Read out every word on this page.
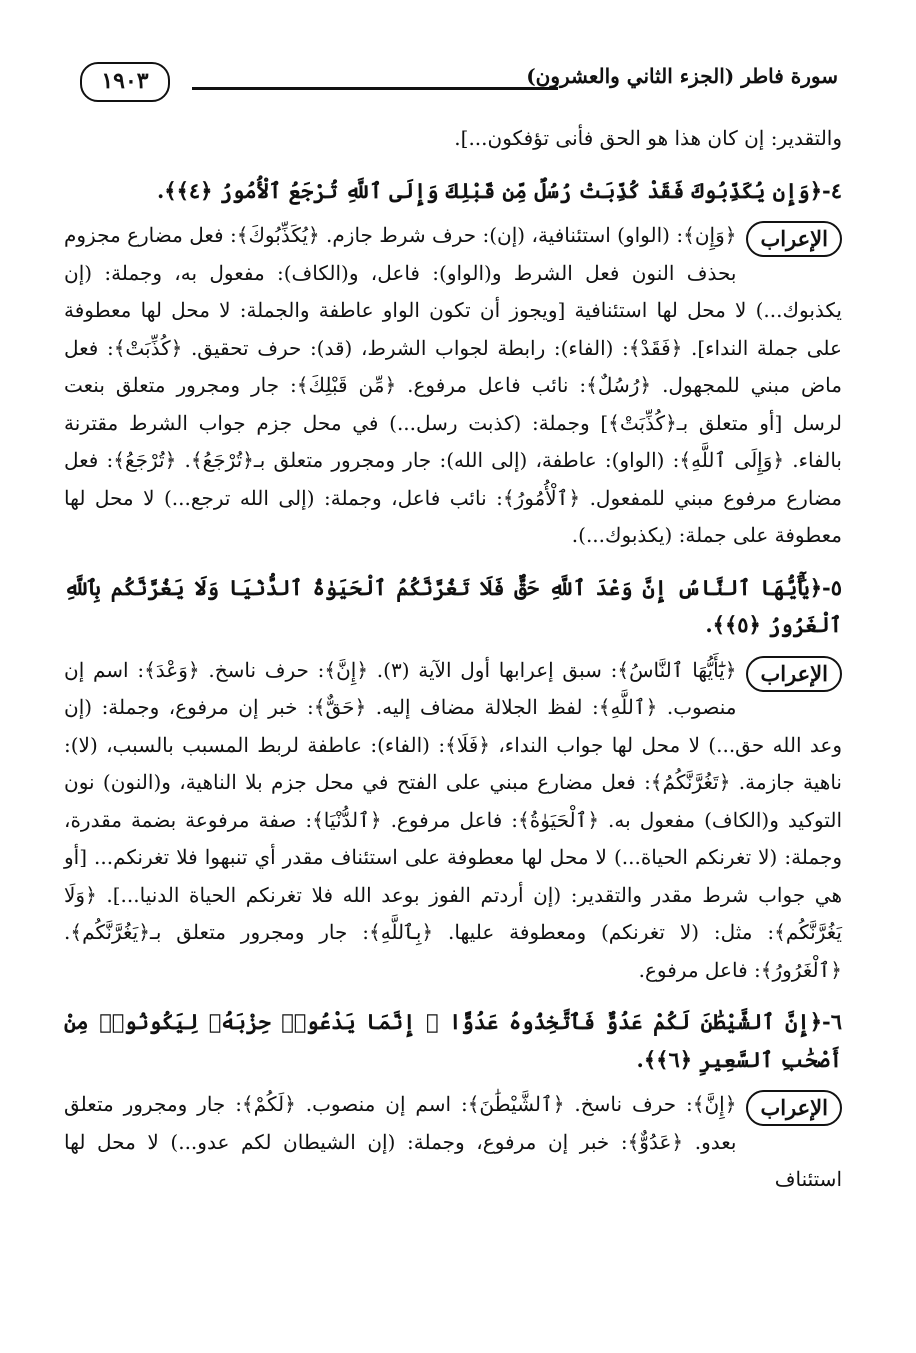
١٩٠٣	سورة فاطر (الجزء الثاني والعشرون)

والتقدير: إن كان هذا هو الحق فأنى تؤفكون...].

٤-﴿وَإِن يُكَذِّبُوكَ فَقَدْ كُذِّبَتْ رُسُلٌ مِّن قَبْلِكَ وَإِلَى ٱللَّهِ تُرْجَعُ ٱلْأُمُورُ ﴿٤﴾﴾.

الإعراب
﴿وَإِن﴾: (الواو) استئنافية، (إن): حرف شرط جازم. ﴿يُكَذِّبُوكَ﴾: فعل مضارع مجزوم بحذف النون فعل الشرط و(الواو): فاعل، و(الكاف): مفعول به، وجملة: (إن يكذبوك...) لا محل لها استئنافية [ويجوز أن تكون الواو عاطفة والجملة: لا محل لها معطوفة على جملة النداء]. ﴿فَقَدْ﴾: (الفاء): رابطة لجواب الشرط، (قد): حرف تحقيق. ﴿كُذِّبَتْ﴾: فعل ماض مبني للمجهول. ﴿رُسُلٌ﴾: نائب فاعل مرفوع. ﴿مِّن قَبْلِكَ﴾: جار ومجرور متعلق بنعت لرسل [أو متعلق بـ﴿كُذِّبَتْ﴾] وجملة: (كذبت رسل...) في محل جزم جواب الشرط مقترنة بالفاء. ﴿وَإِلَى ٱللَّهِ﴾: (الواو): عاطفة، (إلى الله): جار ومجرور متعلق بـ﴿تُرْجَعُ﴾. ﴿تُرْجَعُ﴾: فعل مضارع مرفوع مبني للمفعول. ﴿ٱلْأُمُورُ﴾: نائب فاعل، وجملة: (إلى الله ترجع...) لا محل لها معطوفة على جملة: (يكذبوك...).

٥-﴿يَٰٓأَيُّهَا ٱلنَّاسُ إِنَّ وَعْدَ ٱللَّهِ حَقٌّ فَلَا تَغُرَّنَّكُمُ ٱلْحَيَوٰةُ ٱلدُّنْيَا وَلَا يَغُرَّنَّكُم بِٱللَّهِ ٱلْغَرُورُ ﴿٥﴾﴾.

الإعراب
﴿يَٰٓأَيُّهَا ٱلنَّاسُ﴾: سبق إعرابها أول الآية (٣). ﴿إِنَّ﴾: حرف ناسخ. ﴿وَعْدَ﴾: اسم إن منصوب. ﴿ٱللَّهِ﴾: لفظ الجلالة مضاف إليه. ﴿حَقٌّ﴾: خبر إن مرفوع، وجملة: (إن وعد الله حق...) لا محل لها جواب النداء، ﴿فَلَا﴾: (الفاء): عاطفة لربط المسبب بالسبب، (لا): ناهية جازمة. ﴿تَغُرَّنَّكُمُ﴾: فعل مضارع مبني على الفتح في محل جزم بلا الناهية، و(النون) نون التوكيد و(الكاف) مفعول به. ﴿ٱلْحَيَوٰةُ﴾: فاعل مرفوع. ﴿ٱلدُّنْيَا﴾: صفة مرفوعة بضمة مقدرة، وجملة: (لا تغرنكم الحياة...) لا محل لها معطوفة على استئناف مقدر أي تنبهوا فلا تغرنكم... [أو هي جواب شرط مقدر والتقدير: (إن أردتم الفوز بوعد الله فلا تغرنكم الحياة الدنيا...]. ﴿وَلَا يَغُرَّنَّكُم﴾: مثل: (لا تغرنكم) ومعطوفة عليها. ﴿بِٱللَّهِ﴾: جار ومجرور متعلق بـ﴿يَغُرَّنَّكُم﴾. ﴿ٱلْغَرُورُ﴾: فاعل مرفوع.

٦-﴿إِنَّ ٱلشَّيْطَٰنَ لَكُمْ عَدُوٌّ فَٱتَّخِذُوهُ عَدُوًّا ۚ إِنَّمَا يَدْعُوا۟ حِزْبَهُۥ لِيَكُونُوا۟ مِنْ أَصْحَٰبِ ٱلسَّعِيرِ ﴿٦﴾﴾.

الإعراب
﴿إِنَّ﴾: حرف ناسخ. ﴿ٱلشَّيْطَٰنَ﴾: اسم إن منصوب. ﴿لَكُمْ﴾: جار ومجرور متعلق بعدو. ﴿عَدُوٌّ﴾: خبر إن مرفوع، وجملة: (إن الشيطان لكم عدو...) لا محل لها استئناف
